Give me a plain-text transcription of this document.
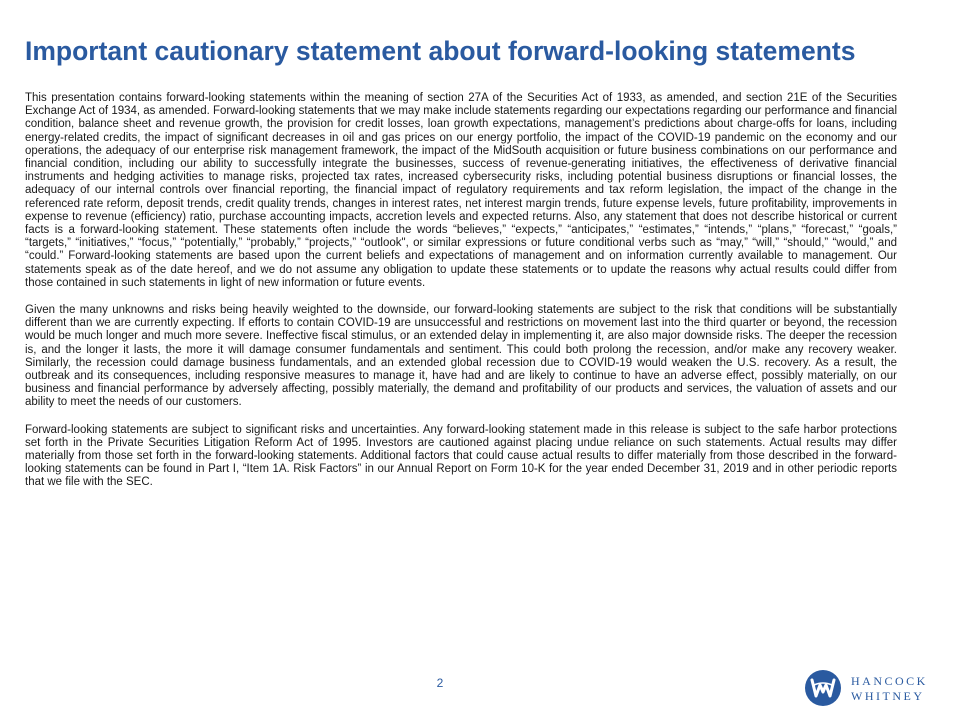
Important cautionary statement about forward-looking statements

This presentation contains forward-looking statements within the meaning of section 27A of the Securities Act of 1933, as amended, and section 21E of the Securities Exchange Act of 1934, as amended. Forward-looking statements that we may make include statements regarding our expectations regarding our performance and financial condition, balance sheet and revenue growth, the provision for credit losses, loan growth expectations, management’s predictions about charge-offs for loans, including energy-related credits, the impact of significant decreases in oil and gas prices on our energy portfolio, the impact of the COVID-19 pandemic on the economy and our operations, the adequacy of our enterprise risk management framework, the impact of the MidSouth acquisition or future business combinations on our performance and financial condition, including our ability to successfully integrate the businesses, success of revenue-generating initiatives, the effectiveness of derivative financial instruments and hedging activities to manage risks, projected tax rates, increased cybersecurity risks, including potential business disruptions or financial losses, the adequacy of our internal controls over financial reporting, the financial impact of regulatory requirements and tax reform legislation, the impact of the change in the referenced rate reform, deposit trends, credit quality trends, changes in interest rates, net interest margin trends, future expense levels, future profitability, improvements in expense to revenue (efficiency) ratio, purchase accounting impacts, accretion levels and expected returns. Also, any statement that does not describe historical or current facts is a forward-looking statement. These statements often include the words “believes,” “expects,” “anticipates,” “estimates,” “intends,” “plans,” “forecast,” “goals,” “targets,” “initiatives,” “focus,” “potentially,” “probably,” “projects,” “outlook", or similar expressions or future conditional verbs such as “may,” “will,” “should,” “would,” and “could.” Forward-looking statements are based upon the current beliefs and expectations of management and on information currently available to management. Our statements speak as of the date hereof, and we do not assume any obligation to update these statements or to update the reasons why actual results could differ from those contained in such statements in light of new information or future events.

Given the many unknowns and risks being heavily weighted to the downside, our forward-looking statements are subject to the risk that conditions will be substantially different than we are currently expecting. If efforts to contain COVID-19 are unsuccessful and restrictions on movement last into the third quarter or beyond, the recession would be much longer and much more severe. Ineffective fiscal stimulus, or an extended delay in implementing it, are also major downside risks. The deeper the recession is, and the longer it lasts, the more it will damage consumer fundamentals and sentiment. This could both prolong the recession, and/or make any recovery weaker. Similarly, the recession could damage business fundamentals, and an extended global recession due to COVID-19 would weaken the U.S. recovery. As a result, the outbreak and its consequences, including responsive measures to manage it, have had and are likely to continue to have an adverse effect, possibly materially, on our business and financial performance by adversely affecting, possibly materially, the demand and profitability of our products and services, the valuation of assets and our ability to meet the needs of our customers.

Forward-looking statements are subject to significant risks and uncertainties. Any forward-looking statement made in this release is subject to the safe harbor protections set forth in the Private Securities Litigation Reform Act of 1995. Investors are cautioned against placing undue reliance on such statements. Actual results may differ materially from those set forth in the forward-looking statements. Additional factors that could cause actual results to differ materially from those described in the forward-looking statements can be found in Part I, “Item 1A. Risk Factors” in our Annual Report on Form 10-K for the year ended December 31, 2019 and in other periodic reports that we file with the SEC.

2	HANCOCK
WHITNEY
